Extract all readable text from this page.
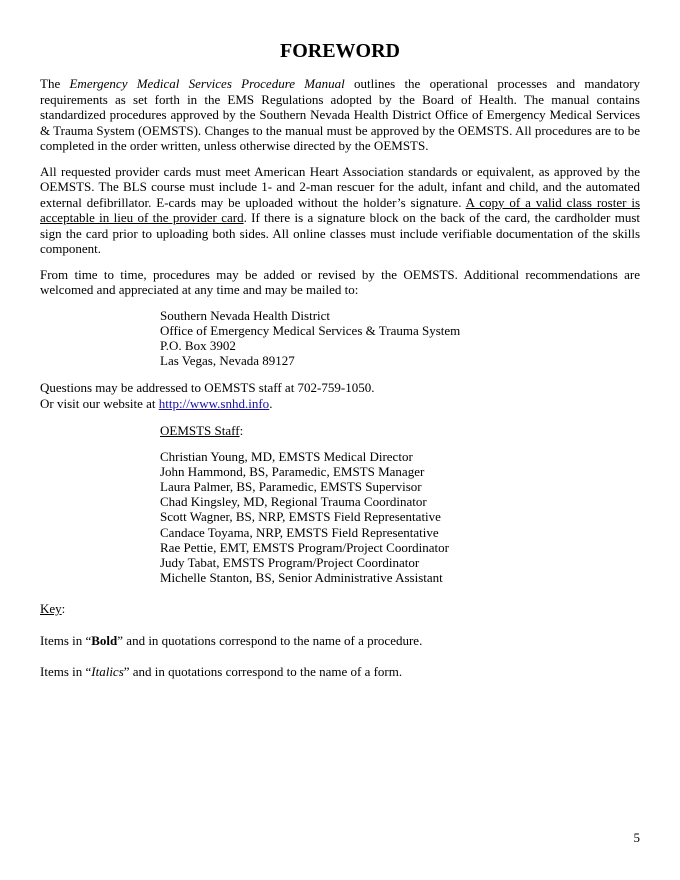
FOREWORD

The Emergency Medical Services Procedure Manual outlines the operational processes and mandatory requirements as set forth in the EMS Regulations adopted by the Board of Health. The manual contains standardized procedures approved by the Southern Nevada Health District Office of Emergency Medical Services & Trauma System (OEMSTS). Changes to the manual must be approved by the OEMSTS. All procedures are to be completed in the order written, unless otherwise directed by the OEMSTS.

All requested provider cards must meet American Heart Association standards or equivalent, as approved by the OEMSTS. The BLS course must include 1- and 2-man rescuer for the adult, infant and child, and the automated external defibrillator. E-cards may be uploaded without the holder’s signature. A copy of a valid class roster is acceptable in lieu of the provider card. If there is a signature block on the back of the card, the cardholder must sign the card prior to uploading both sides. All online classes must include verifiable documentation of the skills component.

From time to time, procedures may be added or revised by the OEMSTS. Additional recommendations are welcomed and appreciated at any time and may be mailed to:

Southern Nevada Health District
Office of Emergency Medical Services & Trauma System
P.O. Box 3902
Las Vegas, Nevada 89127
Questions may be addressed to OEMSTS staff at 702-759-1050.
Or visit our website at http://www.snhd.info.
OEMSTS Staff:
Christian Young, MD, EMSTS Medical Director
John Hammond, BS, Paramedic, EMSTS Manager
Laura Palmer, BS, Paramedic, EMSTS Supervisor
Chad Kingsley, MD, Regional Trauma Coordinator
Scott Wagner, BS, NRP, EMSTS Field Representative
Candace Toyama, NRP, EMSTS Field Representative
Rae Pettie, EMT, EMSTS Program/Project Coordinator
Judy Tabat, EMSTS Program/Project Coordinator
Michelle Stanton, BS, Senior Administrative Assistant

Key:

Items in “Bold” and in quotations correspond to the name of a procedure.

Items in “Italics” and in quotations correspond to the name of a form.

5
